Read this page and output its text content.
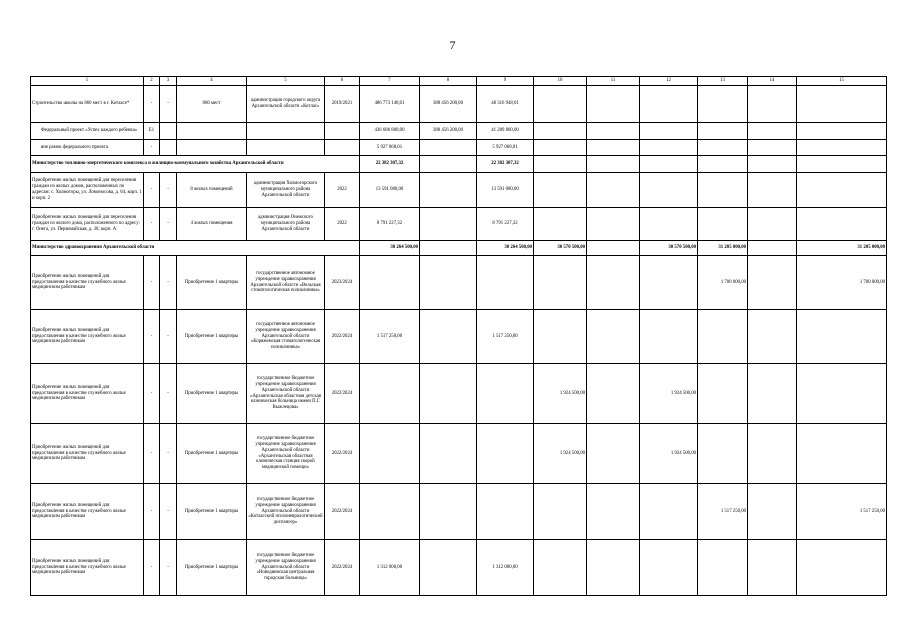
7
1	2	3	4	5	6	7	8	9	10	11	12	13	14	15
Строительство школы на 860 мест в г. Котласе*	-	-	860 мест	администрация городского округа Архангельской области «Котлас»	2019/2021	486 773 148,01	388 456 200,00	48 316 948,01						
Федеральный проект «Успех каждого ребенка»	Е1					436 686 800,00	388 456 200,00	41 289 800,00						
вне рамок федерального проекта	-					5 927 068,01		5 927 068,01						
Министерство топливно-энергетического комплекса и жилищно-коммунального хозяйства Архангельской области						22 382 307,32		22 382 307,32						
Приобретение жилых помещений для переселения граждан из жилых домов, расположенных по адресам: с. Холмогоры, ул. Ломоносова, д. 64, корп. 1 и корп. 2	-	-	8 жилых помещений	администрация Холмогорского муниципального района Архангельской области	2022	13 591 080,00		13 591 080,00						
Приобретение жилых помещений для переселения граждан из жилого дома, расположенного по адресу: г. Онега, ул. Первомайская, д. 30, корп. А	-	-	4 жилых помещения	администрация Онежского муниципального района Архангельской области	2022	8 791 227,32		8 791 227,32						
Министерство здравоохранения Архангельской области						30 264 500,00		30 264 500,00	30 570 500,00		30 570 500,00	31 205 000,00		31 205 000,00
Приобретение жилых помещений для предоставления в качестве служебного жилья медицинским работникам	-	-	Приобретение 1 квартиры	государственное автономное учреждение здравоохранения Архангельской области «Вельская стоматологическая поликлиника»	2023/2024							1 700 000,00		1 700 000,00
Приобретение жилых помещений для предоставления в качестве служебного жилья медицинским работникам	-	-	Приобретение 1 квартиры	государственное автономное учреждение здравоохранения Архангельской области «Коряжемская стоматологическая поликлиника»	2022/2024	1 517 250,00		1 517 250,00						
Приобретение жилых помещений для предоставления в качестве служебного жилья медицинским работникам	-	-	Приобретение 1 квартиры	государственное бюджетное учреждение здравоохранения Архангельской области «Архангельская областная детская клиническая больница имени П.Г. Выжлецова»	2022/2024				1 924 500,00		1 924 500,00			
Приобретение жилых помещений для предоставления в качестве служебного жилья медицинским работникам	-	-	Приобретение 1 квартиры	государственное бюджетное учреждение здравоохранения Архангельской области «Архангельская областная клиническая станция скорой медицинской помощи»	2022/2024				1 924 500,00		1 924 500,00			
Приобретение жилых помещений для предоставления в качестве служебного жилья медицинским работникам	-	-	Приобретение 1 квартиры	государственное бюджетное учреждение здравоохранения Архангельской области «Котласский психоневрологический диспансер»	2022/2024							1 517 250,00		1 517 250,00
Приобретение жилых помещений для предоставления в качестве служебного жилья медицинским работникам	-	-	Приобретение 1 квартиры	государственное бюджетное учреждение здравоохранения Архангельской области «Новодвинская центральная городская больница»	2022/2024	1 312 000,00		1 312 000,00						
